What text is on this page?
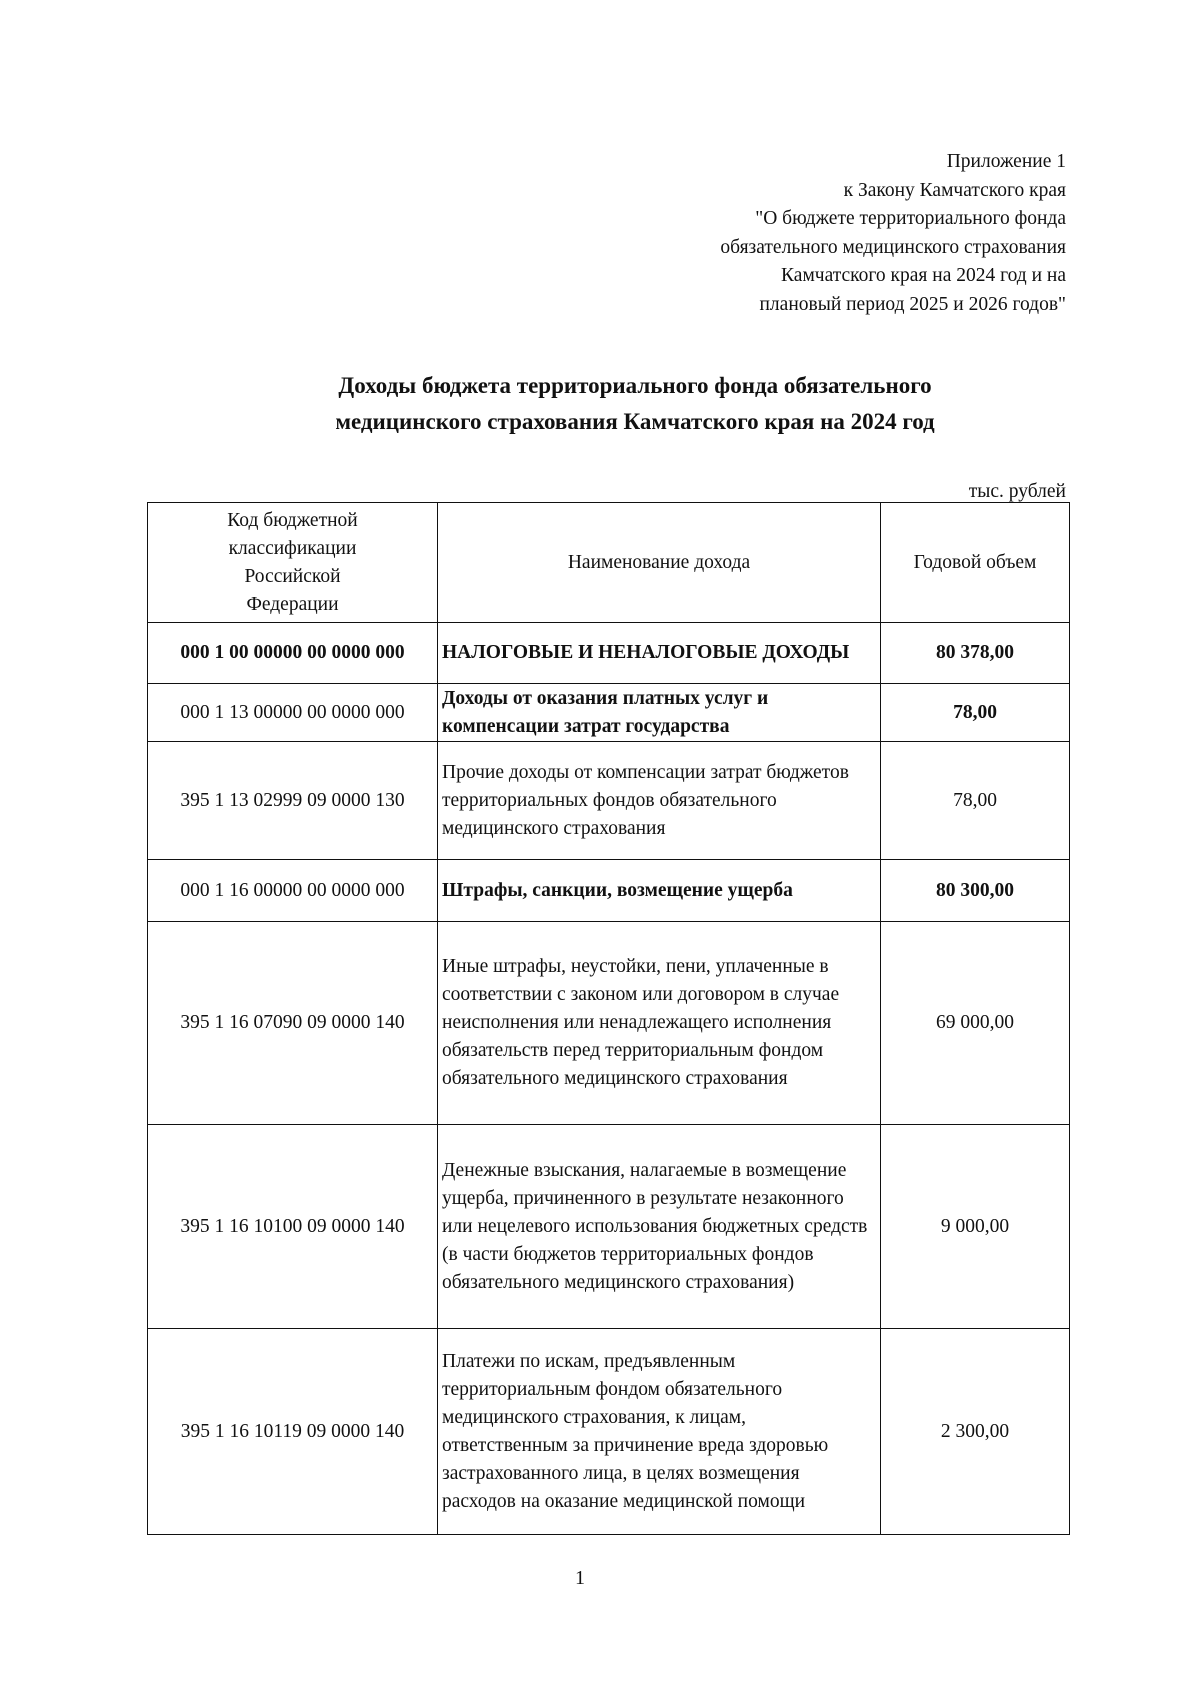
Приложение 1
к Закону Камчатского края
"О бюджете территориального фонда
обязательного медицинского страхования
Камчатского края на 2024 год и на
плановый период 2025 и 2026 годов"
Доходы бюджета территориального фонда обязательного
медицинского страхования Камчатского края на 2024 год
тыс. рублей
Код бюджетной классификации Российской Федерации	Наименование дохода	Годовой объем
000 1 00 00000 00 0000 000	НАЛОГОВЫЕ И НЕНАЛОГОВЫЕ ДОХОДЫ	80 378,00
000 1 13 00000 00 0000 000	Доходы от оказания платных услуг и компенсации затрат государства	78,00
395 1 13 02999 09 0000 130	Прочие доходы от компенсации затрат бюджетов территориальных фондов обязательного медицинского страхования	78,00
000 1 16 00000 00 0000 000	Штрафы, санкции, возмещение ущерба	80 300,00
395 1 16 07090 09 0000 140	Иные штрафы, неустойки, пени, уплаченные в соответствии с законом или договором в случае неисполнения или ненадлежащего исполнения обязательств перед территориальным фондом обязательного медицинского страхования	69 000,00
395 1 16 10100 09 0000 140	Денежные взыскания, налагаемые в возмещение ущерба, причиненного в результате незаконного или нецелевого использования бюджетных средств (в части бюджетов территориальных фондов обязательного медицинского страхования)	9 000,00
395 1 16 10119 09 0000 140	Платежи по искам, предъявленным территориальным фондом обязательного медицинского страхования, к лицам, ответственным за причинение вреда здоровью застрахованного лица, в целях возмещения расходов на оказание медицинской помощи	2 300,00
1
